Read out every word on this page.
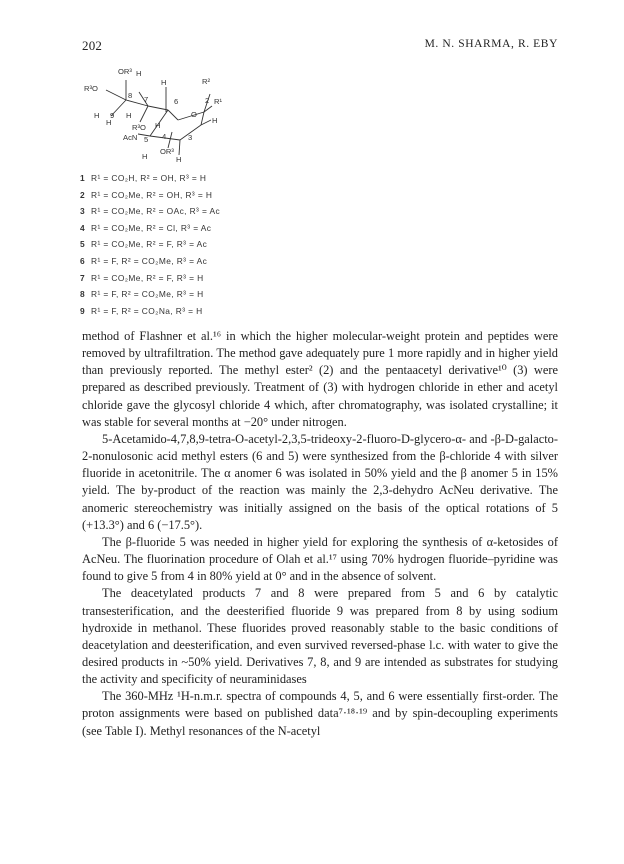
202	M. N. SHARMA, R. EBY
OR³ H
R³O
8 7
9
H
H
H
R³O
H
H
6
O
2 R¹
R²
AcN 5 4	3
OR³
H	H
H
1 R¹ = CO₂H, R² = OH, R³ = H
2 R¹ = CO₂Me, R² = OH, R³ = H
3 R¹ = CO₂Me, R² = OAc, R³ = Ac
4 R¹ = CO₂Me, R² = Cl, R³ = Ac
5 R¹ = CO₂Me, R² = F, R³ = Ac
6 R¹ = F, R² = CO₂Me, R³ = Ac
7 R¹ = CO₂Me, R² = F, R³ = H
8 R¹ = F, R² = CO₂Me, R³ = H
9 R¹ = F, R² = CO₂Na, R³ = H

method of Flashner et al.¹⁶ in which the higher molecular-weight protein and peptides were removed by ultrafiltration. The method gave adequately pure 1 more rapidly and in higher yield than previously reported. The methyl ester² (2) and the pentaacetyl derivative¹⁰ (3) were prepared as described previously. Treatment of (3) with hydrogen chloride in ether and acetyl chloride gave the glycosyl chloride 4 which, after chromatography, was isolated crystalline; it was stable for several months at −20° under nitrogen.

5-Acetamido-4,7,8,9-tetra-O-acetyl-2,3,5-trideoxy-2-fluoro-D-glycero-α- and -β-D-galacto-2-nonulosonic acid methyl esters (6 and 5) were synthesized from the β-chloride 4 with silver fluoride in acetonitrile. The α anomer 6 was isolated in 50% yield and the β anomer 5 in 15% yield. The by-product of the reaction was mainly the 2,3-dehydro AcNeu derivative. The anomeric stereochemistry was initially assigned on the basis of the optical rotations of 5 (+13.3°) and 6 (−17.5°).

The β-fluoride 5 was needed in higher yield for exploring the synthesis of α-ketosides of AcNeu. The fluorination procedure of Olah et al.¹⁷ using 70% hydrogen fluoride–pyridine was found to give 5 from 4 in 80% yield at 0° and in the absence of solvent.

The deacetylated products 7 and 8 were prepared from 5 and 6 by catalytic transesterification, and the deesterified fluoride 9 was prepared from 8 by using sodium hydroxide in methanol. These fluorides proved reasonably stable to the basic conditions of deacetylation and deesterification, and even survived reversed-phase l.c. with water to give the desired products in ~50% yield. Derivatives 7, 8, and 9 are intended as substrates for studying the activity and specificity of neuraminidases

The 360-MHz ¹H-n.m.r. spectra of compounds 4, 5, and 6 were essentially first-order. The proton assignments were based on published data⁷·¹⁸·¹⁹ and by spin-decoupling experiments (see Table I). Methyl resonances of the N-acetyl
